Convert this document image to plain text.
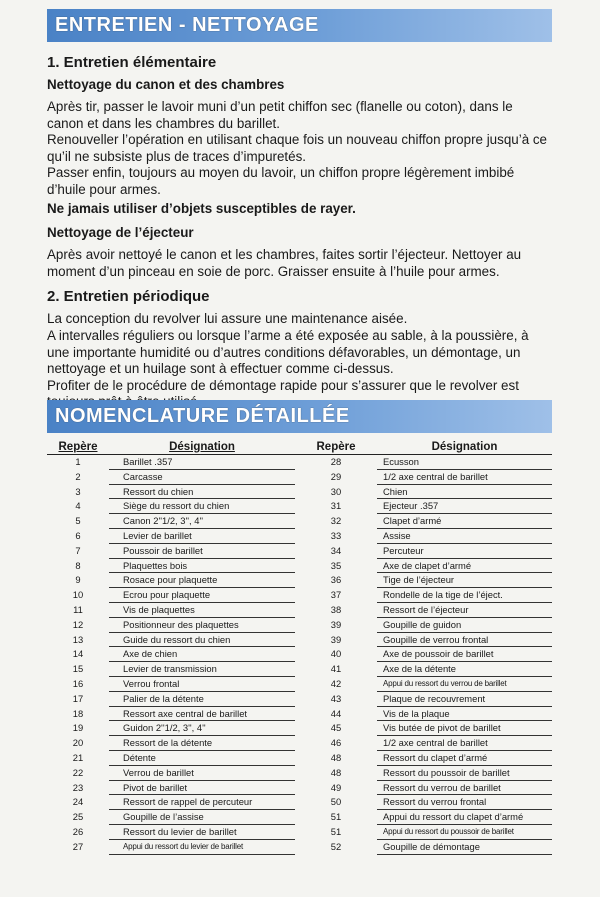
ENTRETIEN - NETTOYAGE
1. Entretien élémentaire
Nettoyage du canon et des chambres

Après tir, passer le lavoir muni d’un petit chiffon sec (flanelle ou coton), dans le canon et dans les chambres du barillet.

Renouveller l’opération en utilisant chaque fois un nouveau chiffon propre jusqu’à ce qu’il ne subsiste plus de traces d’impuretés.

Passer enfin, toujours au moyen du lavoir, un chiffon propre légèrement imbibé d’huile pour armes.

Ne jamais utiliser d’objets susceptibles de rayer.

Nettoyage de l’éjecteur

Après avoir nettoyé le canon et les chambres, faites sortir l’éjecteur. Nettoyer au moment d’un pinceau en soie de porc. Graisser ensuite à l’huile pour armes.

2. Entretien périodique

La conception du revolver lui assure une maintenance aisée.

A intervalles réguliers ou lorsque l’arme a été exposée au sable, à la poussière, à une importante humidité ou d’autres conditions défavorables, un démontage, un nettoyage et un huilage sont à effectuer comme ci-dessus.

Profiter de le procédure de démontage rapide pour s’assurer que le revolver est

NOMENCLATURE DÉTAILLÉE
Repère	Désignation	Repère	Désignation
1	Barillet .357	28	Ecusson
2	Carcasse	29	1/2 axe central de barillet
3	Ressort du chien	30	Chien
4	Siège du ressort du chien	31	Ejecteur .357
5	Canon 2''1/2, 3'', 4''	32	Clapet d’armé
6	Levier de barillet	33	Assise
7	Poussoir de barillet	34	Percuteur
8	Plaquettes bois	35	Axe de clapet d’armé
9	Rosace pour plaquette	36	Tige de l’éjecteur
10	Ecrou pour plaquette	37	Rondelle de la tige de l’éject.
11	Vis de plaquettes	38	Ressort de l’éjecteur
12	Positionneur des plaquettes	39	Goupille de guidon
13	Guide du ressort du chien	39	Goupille de verrou frontal
14	Axe de chien	40	Axe de poussoir de barillet
15	Levier de transmission	41	Axe de la détente
16	Verrou frontal	42	Appui du ressort du verrou de barillet
17	Palier de la détente	43	Plaque de recouvrement
18	Ressort axe central de barillet	44	Vis de la plaque
19	Guidon 2''1/2, 3'', 4''	45	Vis butée de pivot de barillet
20	Ressort de la détente	46	1/2 axe central de barillet
21	Détente	48	Ressort du clapet d’armé
22	Verrou de barillet	48	Ressort du poussoir de barillet
23	Pivot de barillet	49	Ressort du verrou de barillet
24	Ressort de rappel de percuteur	50	Ressort du verrou frontal
25	Goupille de l’assise	51	Appui du ressort du clapet d’armé
26	Ressort du levier de barillet	51	Appui du ressort du poussoir de barillet
27	Appui du ressort du levier de barillet	52	Goupille de démontage
